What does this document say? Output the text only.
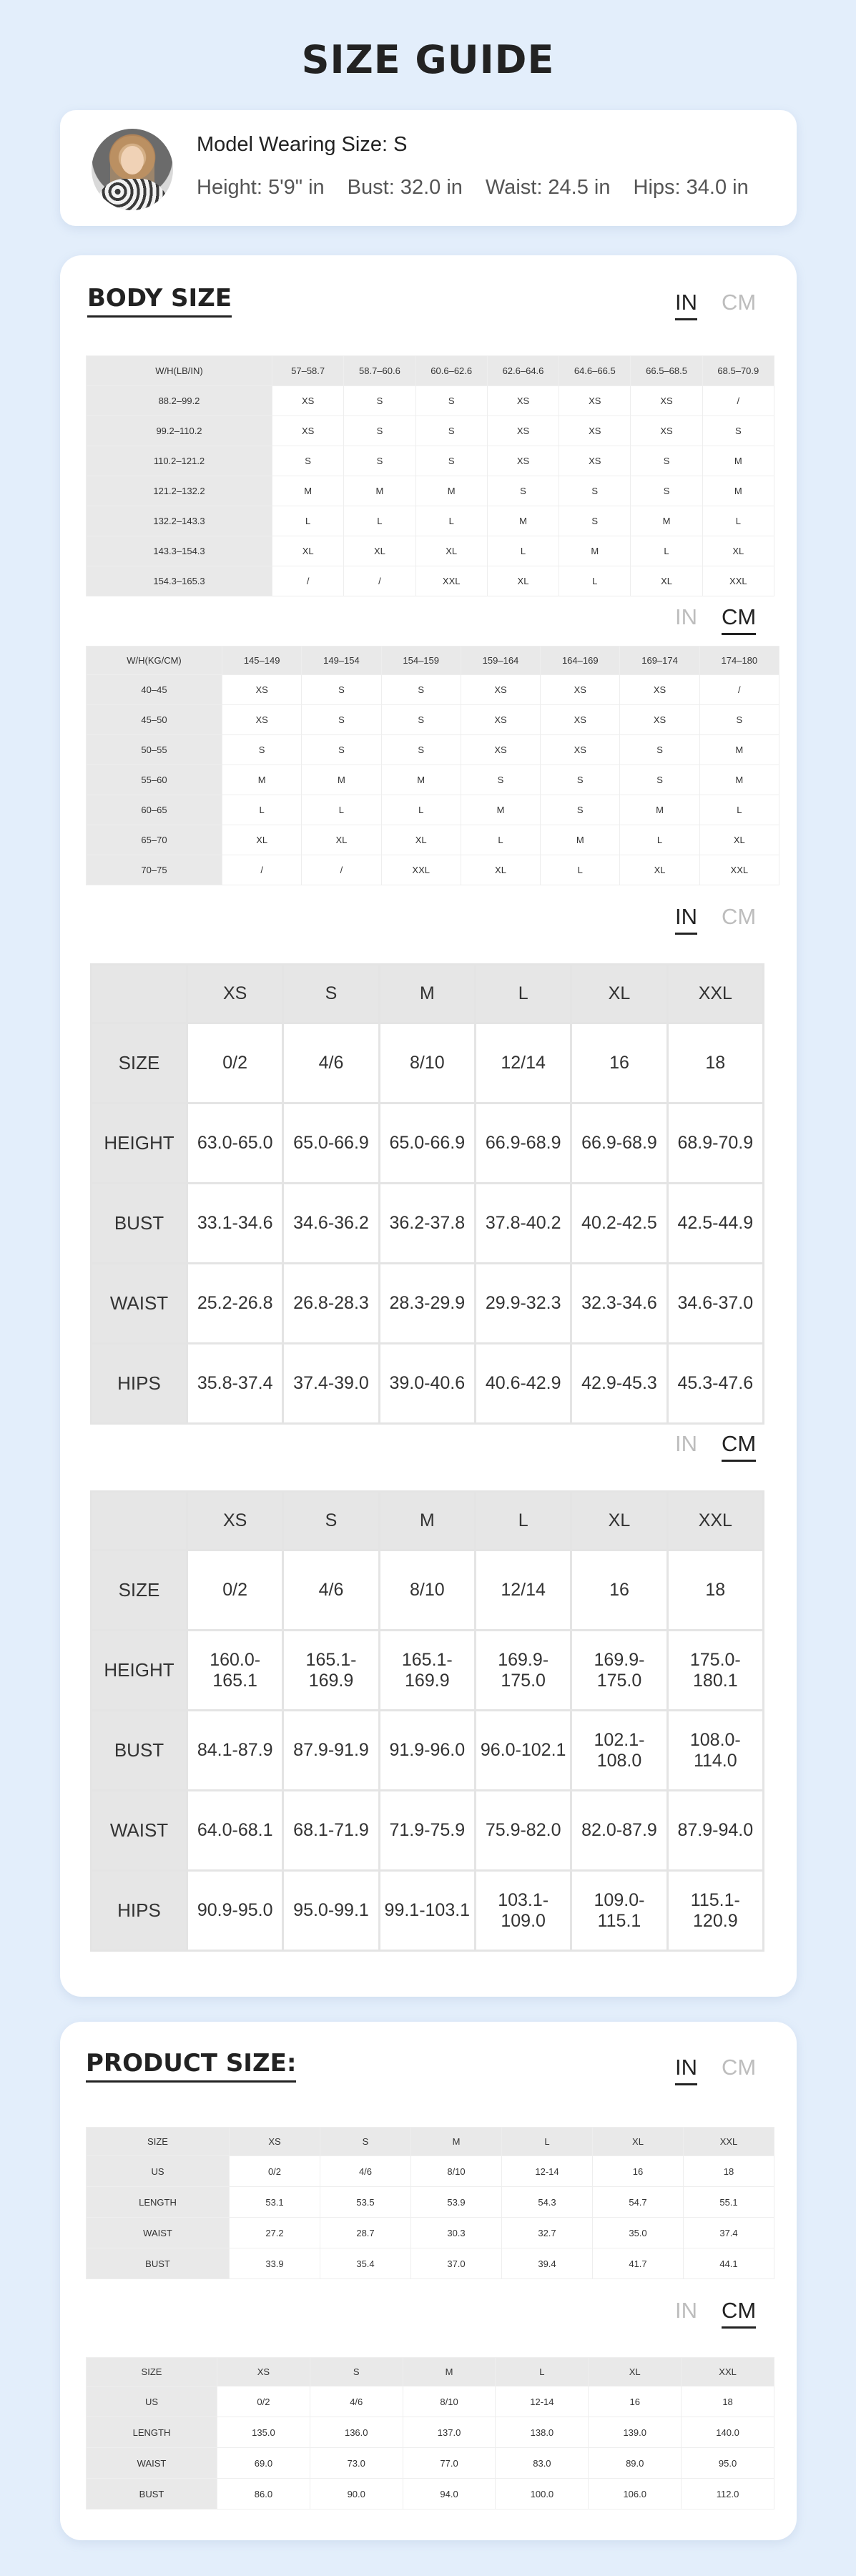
SIZE GUIDE
Model Wearing Size: S
Height: 5'9" in Bust: 32.0 in Waist: 24.5 in Hips: 34.0 in
BODY SIZE	IN CM
W/H(LB/IN)	57–58.7	58.7–60.6	60.6–62.6	62.6–64.6	64.6–66.5	66.5–68.5	68.5–70.9
88.2–99.2	XS	S	S	XS	XS	XS	/
99.2–110.2	XS	S	S	XS	XS	XS	S
110.2–121.2	S	S	S	XS	XS	S	M
121.2–132.2	M	M	M	S	S	S	M
132.2–143.3	L	L	L	M	S	M	L
143.3–154.3	XL	XL	XL	L	M	L	XL
154.3–165.3	/	/	XXL	XL	L	XL	XXL
IN CM
W/H(KG/CM)	145–149	149–154	154–159	159–164	164–169	169–174	174–180
40–45	XS	S	S	XS	XS	XS	/
45–50	XS	S	S	XS	XS	XS	S
50–55	S	S	S	XS	XS	S	M
55–60	M	M	M	S	S	S	M
60–65	L	L	L	M	S	M	L
65–70	XL	XL	XL	L	M	L	XL
70–75	/	/	XXL	XL	L	XL	XXL
IN CM
	XS	S	M	L	XL	XXL
SIZE	0/2	4/6	8/10	12/14	16	18
HEIGHT	63.0-65.0	65.0-66.9	65.0-66.9	66.9-68.9	66.9-68.9	68.9-70.9
BUST	33.1-34.6	34.6-36.2	36.2-37.8	37.8-40.2	40.2-42.5	42.5-44.9
WAIST	25.2-26.8	26.8-28.3	28.3-29.9	29.9-32.3	32.3-34.6	34.6-37.0
HIPS	35.8-37.4	37.4-39.0	39.0-40.6	40.6-42.9	42.9-45.3	45.3-47.6
IN CM
	XS	S	M	L	XL	XXL
SIZE	0/2	4/6	8/10	12/14	16	18
HEIGHT	160.0-165.1	165.1-169.9	165.1-169.9	169.9-175.0	169.9-175.0	175.0-180.1
BUST	84.1-87.9	87.9-91.9	91.9-96.0	96.0-102.1	102.1-108.0	108.0-114.0
WAIST	64.0-68.1	68.1-71.9	71.9-75.9	75.9-82.0	82.0-87.9	87.9-94.0
HIPS	90.9-95.0	95.0-99.1	99.1-103.1	103.1-109.0	109.0-115.1	115.1-120.9
PRODUCT SIZE:	IN CM
SIZE	XS	S	M	L	XL	XXL
US	0/2	4/6	8/10	12-14	16	18
LENGTH	53.1	53.5	53.9	54.3	54.7	55.1
WAIST	27.2	28.7	30.3	32.7	35.0	37.4
BUST	33.9	35.4	37.0	39.4	41.7	44.1
IN CM
SIZE	XS	S	M	L	XL	XXL
US	0/2	4/6	8/10	12-14	16	18
LENGTH	135.0	136.0	137.0	138.0	139.0	140.0
WAIST	69.0	73.0	77.0	83.0	89.0	95.0
BUST	86.0	90.0	94.0	100.0	106.0	112.0
